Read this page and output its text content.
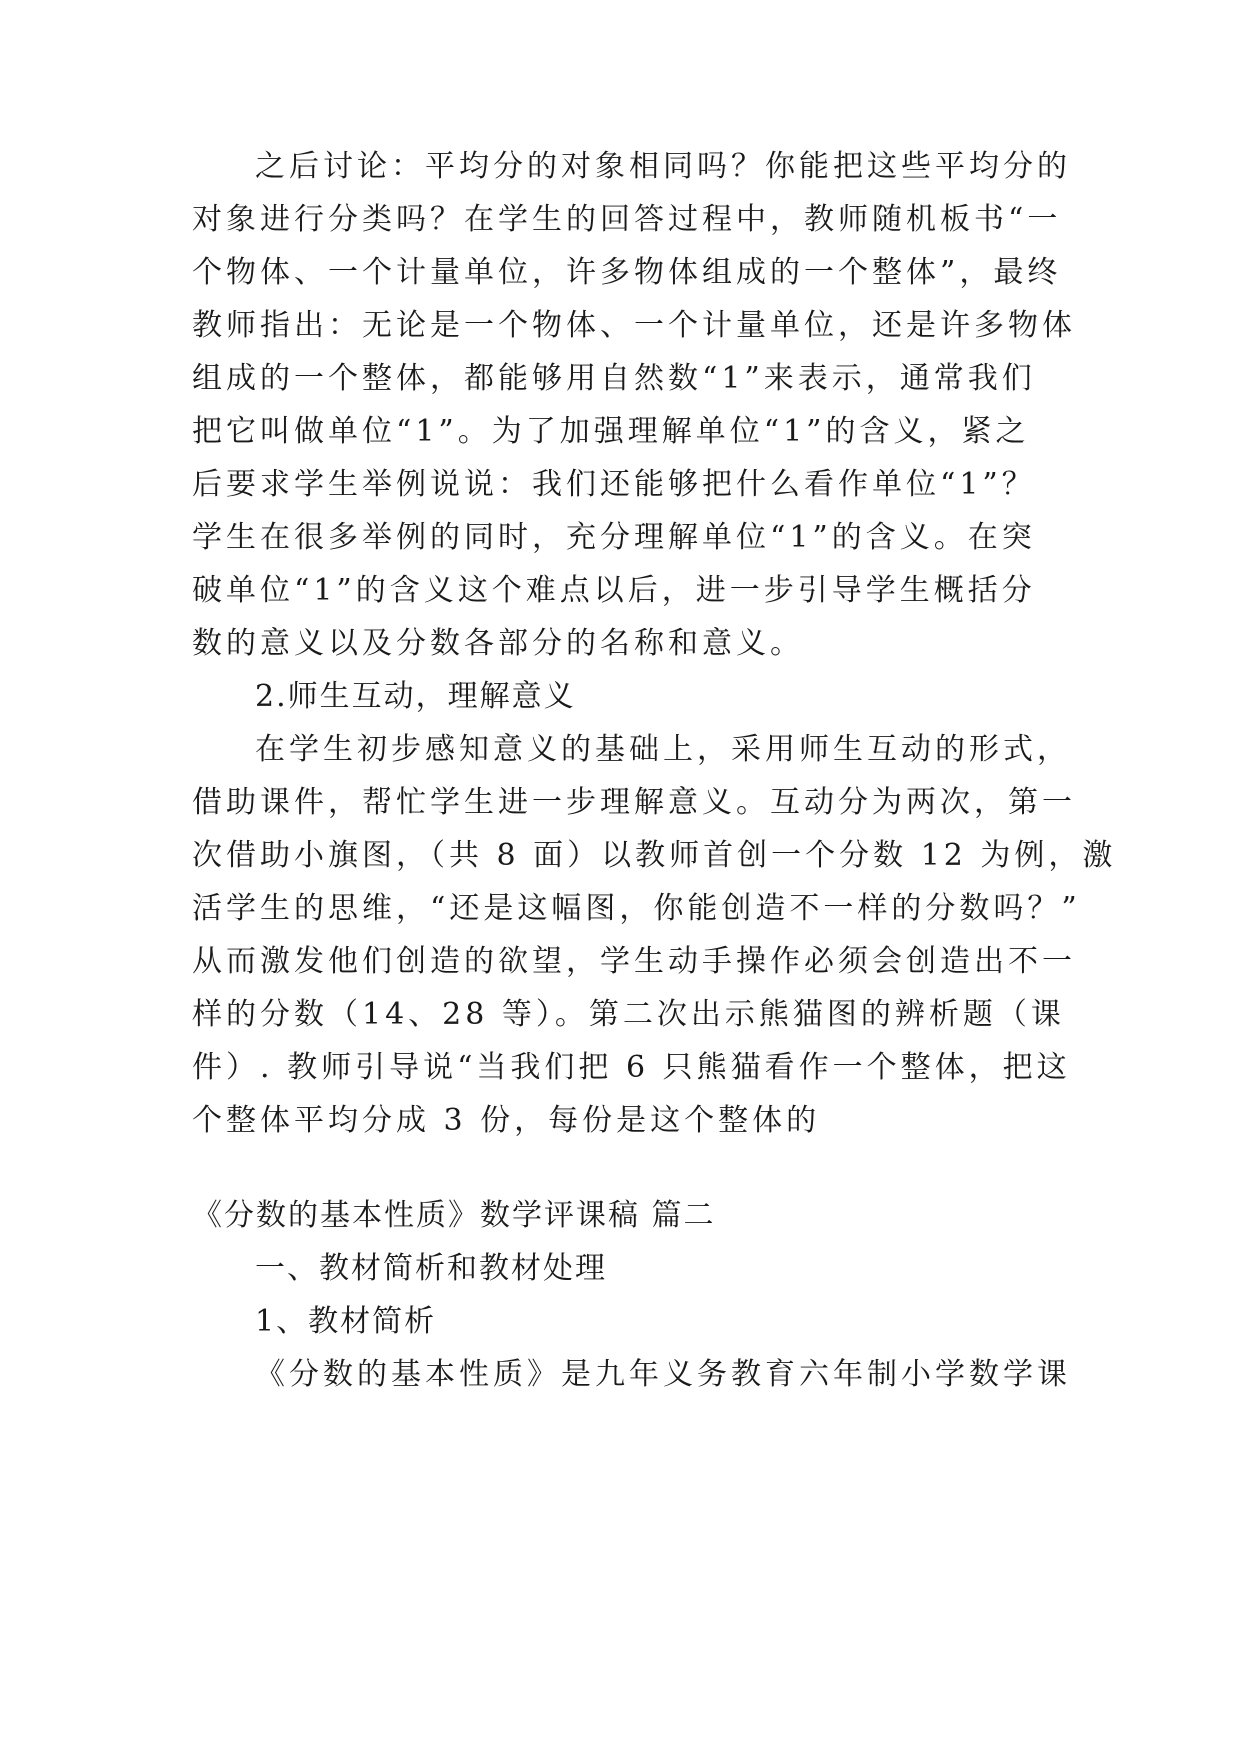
之后讨论：平均分的对象相同吗？你能把这些平均分的
对象进行分类吗？在学生的回答过程中，教师随机板书“一
个物体、一个计量单位，许多物体组成的一个整体”，最终
教师指出：无论是一个物体、一个计量单位，还是许多物体
组成的一个整体，都能够用自然数“1”来表示，通常我们
把它叫做单位“1”。为了加强理解单位“1”的含义，紧之
后要求学生举例说说：我们还能够把什么看作单位“1”？
学生在很多举例的同时，充分理解单位“1”的含义。在突
破单位“1”的含义这个难点以后，进一步引导学生概括分
数的意义以及分数各部分的名称和意义。
2.师生互动，理解意义
在学生初步感知意义的基础上，采用师生互动的形式，
借助课件，帮忙学生进一步理解意义。互动分为两次，第一
次借助小旗图，（共 8 面）以教师首创一个分数 12 为例，激
活学生的思维，“还是这幅图，你能创造不一样的分数吗？”
从而激发他们创造的欲望，学生动手操作必须会创造出不一
样的分数（14、28 等）。第二次出示熊猫图的辨析题（课
件）. 教师引导说“当我们把 6 只熊猫看作一个整体，把这
个整体平均分成 3 份，每份是这个整体的
《分数的基本性质》数学评课稿 篇二
一、教材简析和教材处理
1、教材简析
《分数的基本性质》是九年义务教育六年制小学数学课
